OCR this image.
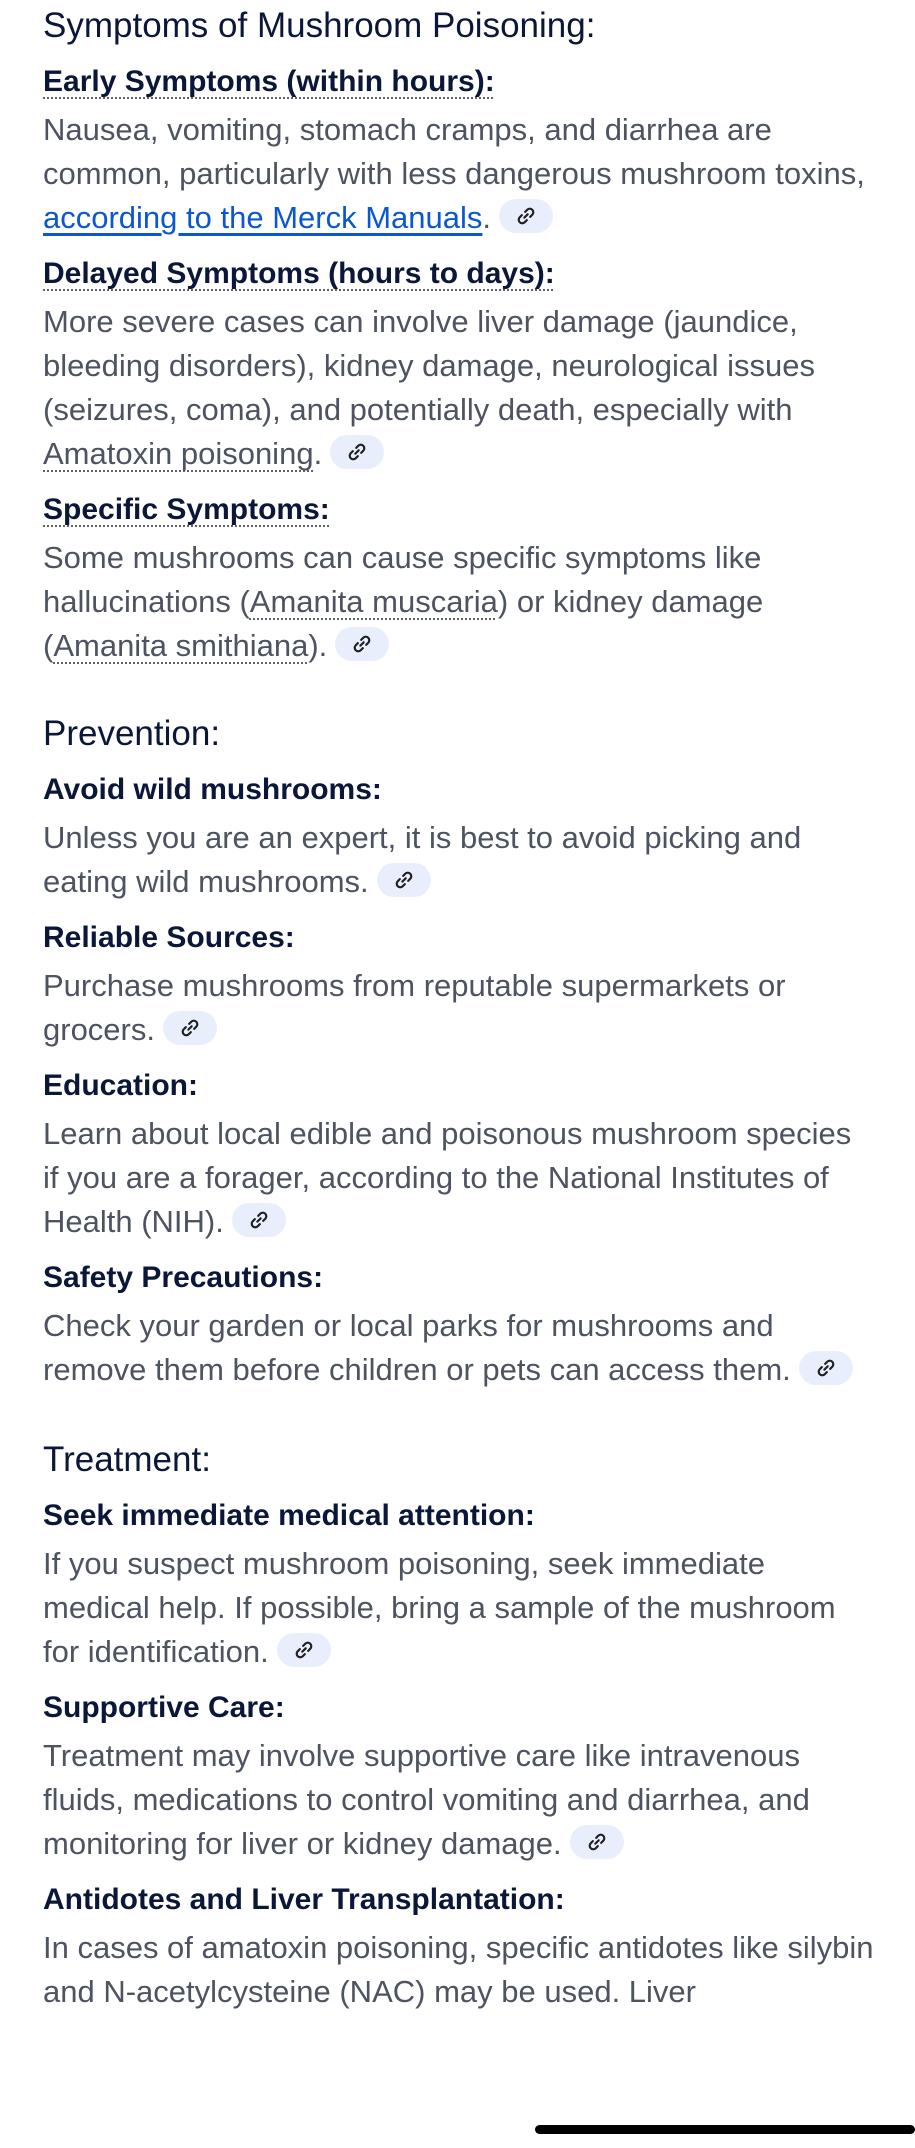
Symptoms of Mushroom Poisoning:
Early Symptoms (within hours):

Nausea, vomiting, stomach cramps, and diarrhea are common, particularly with less dangerous mushroom toxins, according to the Merck Manuals.

Delayed Symptoms (hours to days):

More severe cases can involve liver damage (jaundice, bleeding disorders), kidney damage, neurological issues (seizures, coma), and potentially death, especially with Amatoxin poisoning.

Specific Symptoms:

Some mushrooms can cause specific symptoms like hallucinations (Amanita muscaria) or kidney damage (Amanita smithiana).

Prevention:
Avoid wild mushrooms:

Unless you are an expert, it is best to avoid picking and eating wild mushrooms.

Reliable Sources:

Purchase mushrooms from reputable supermarkets or grocers.

Education:

Learn about local edible and poisonous mushroom species if you are a forager, according to the National Institutes of Health (NIH).

Safety Precautions:

Check your garden or local parks for mushrooms and remove them before children or pets can access them.

Treatment:
Seek immediate medical attention:

If you suspect mushroom poisoning, seek immediate medical help. If possible, bring a sample of the mushroom for identification.

Supportive Care:

Treatment may involve supportive care like intravenous fluids, medications to control vomiting and diarrhea, and monitoring for liver or kidney damage.

Antidotes and Liver Transplantation:

In cases of amatoxin poisoning, specific antidotes like silybin and N-acetylcysteine (NAC) may be used. Liver
